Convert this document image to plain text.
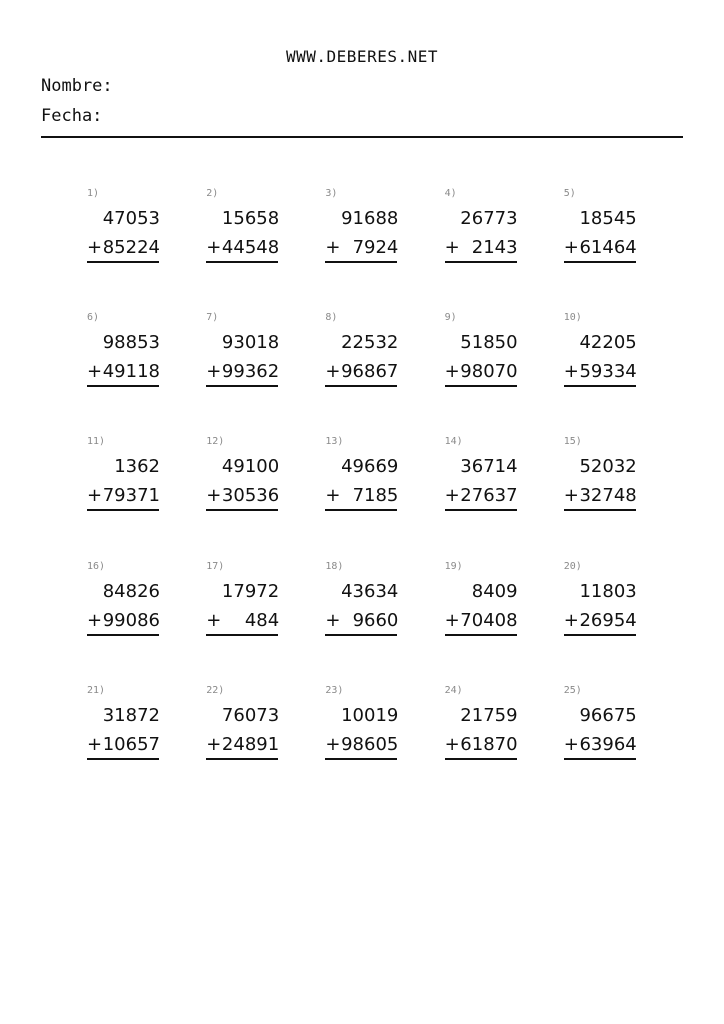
WWW.DEBERES.NET
Nombre:
Fecha:
1)
47053
+ 85224
2)
15658
+ 44548
3)
91688
+ 7924
4)
26773
+ 2143
5)
18545
+ 61464
6)
98853
+ 49118
7)
93018
+ 99362
8)
22532
+ 96867
9)
51850
+ 98070
10)
42205
+ 59334
11)
1362
+ 79371
12)
49100
+ 30536
13)
49669
+ 7185
14)
36714
+ 27637
15)
52032
+ 32748
16)
84826
+ 99086
17)
17972
+ 484
18)
43634
+ 9660
19)
8409
+ 70408
20)
11803
+ 26954
21)
31872
+ 10657
22)
76073
+ 24891
23)
10019
+ 98605
24)
21759
+ 61870
25)
96675
+ 63964
